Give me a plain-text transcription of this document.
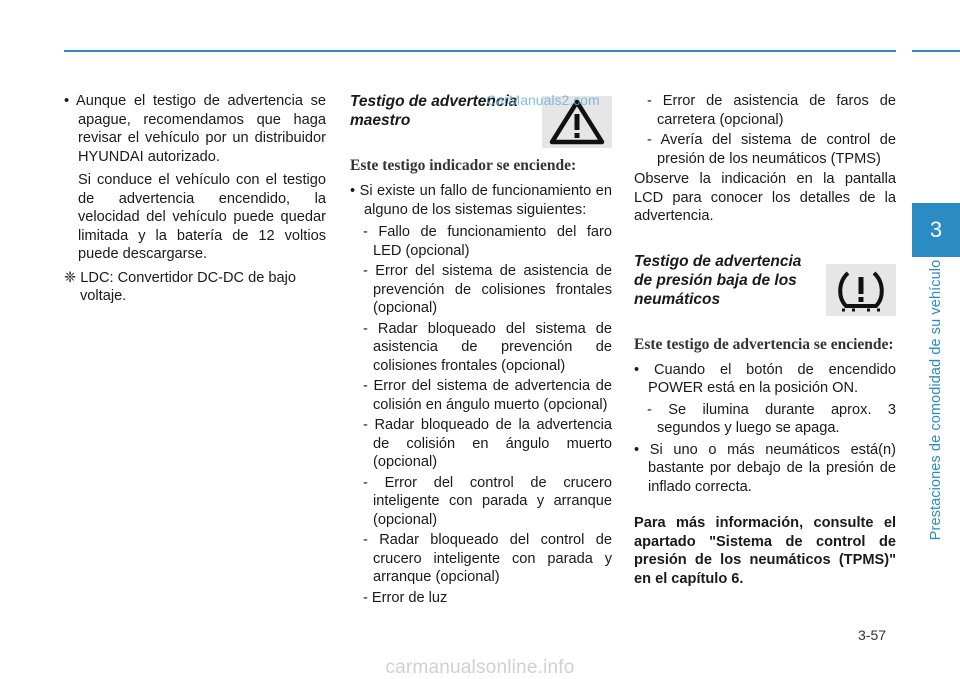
3
Prestaciones de comodidad de su vehículo

• Aunque el testigo de advertencia se apague, recomendamos que haga revisar el vehículo por un distribuidor HYUNDAI autorizado.

Si conduce el vehículo con el testigo de advertencia encendido, la velocidad del vehículo puede quedar limitada y la batería de 12 voltios puede descargarse.

❈ LDC: Convertidor DC-DC de bajo voltaje.

Testigo de advertencia maestro

Este testigo indicador se enciende:

• Si existe un fallo de funcionamiento en alguno de los sistemas siguientes:

- Fallo de funcionamiento del faro LED (opcional)

- Error del sistema de asistencia de prevención de colisiones frontales (opcional)

- Radar bloqueado del sistema de asistencia de prevención de colisiones frontales (opcional)

- Error del sistema de advertencia de colisión en ángulo muerto (opcional)

- Radar bloqueado de la advertencia de colisión en ángulo muerto (opcional)

- Error del control de crucero inteligente con parada y arranque (opcional)

- Radar bloqueado del control de crucero inteligente con parada y arranque (opcional)

- Error de luz

- Error de asistencia de faros de carretera (opcional)

- Avería del sistema de control de presión de los neumáticos (TPMS)

Observe la indicación en la pantalla LCD para conocer los detalles de la advertencia.

Testigo de advertencia de presión baja de los neumáticos

Este testigo de advertencia se enciende:

• Cuando el botón de encendido POWER está en la posición ON.

- Se ilumina durante aprox. 3 segundos y luego se apaga.

• Si uno o más neumáticos está(n) bastante por debajo de la presión de inflado correcta.

Para más información, consulte el apartado "Sistema de control de presión de los neumáticos (TPMS)" en el capítulo 6.

CarManuals2.com
3-57
carmanualsonline.info
